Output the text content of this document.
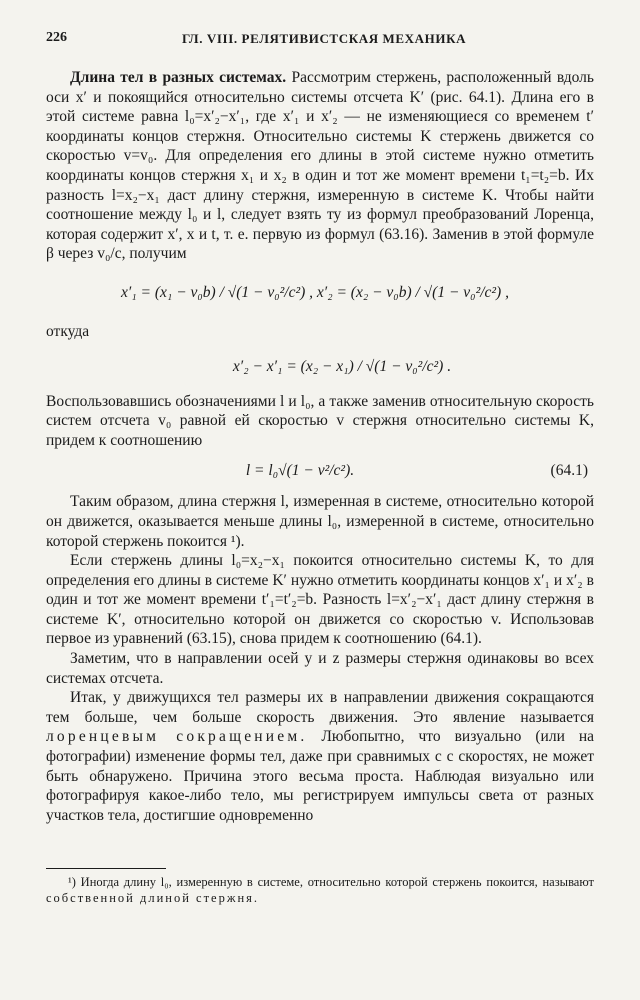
226	ГЛ. VIII. РЕЛЯТИВИСТСКАЯ МЕХАНИКА

Длина тел в разных системах. Рассмотрим стержень, расположенный вдоль оси x′ и покоящийся относительно системы отсчета K′ (рис. 64.1). Длина его в этой системе равна l₀=x′₂−x′₁, где x′₁ и x′₂ — не изменяющиеся со временем t′ координаты концов стержня. Относительно системы K стержень движется со скоростью v=v₀. Для определения его длины в этой системе нужно отметить координаты концов стержня x₁ и x₂ в один и тот же момент времени t₁=t₂=b. Их разность l=x₂−x₁ даст длину стержня, измеренную в системе K. Чтобы найти соотношение между l₀ и l, следует взять ту из формул преобразований Лоренца, которая содержит x′, x и t, т. е. первую из формул (63.16). Заменив в этой формуле β через v₀/c, получим

x′₁ = (x₁ − v₀b) / √(1 − v₀²/c²) , x′₂ = (x₂ − v₀b) / √(1 − v₀²/c²) ,

откуда

x′₂ − x′₁ = (x₂ − x₁) / √(1 − v₀²/c²) .

Воспользовавшись обозначениями l и l₀, а также заменив относительную скорость систем отсчета v₀ равной ей скоростью v стержня относительно системы K, придем к соотношению

l = l₀√(1 − v²/c²).	(64.1)

Таким образом, длина стержня l, измеренная в системе, относительно которой он движется, оказывается меньше длины l₀, измеренной в системе, относительно которой стержень покоится ¹).

Если стержень длины l₀=x₂−x₁ покоится относительно системы K, то для определения его длины в системе K′ нужно отметить координаты концов x′₁ и x′₂ в один и тот же момент времени t′₁=t′₂=b. Разность l=x′₂−x′₁ даст длину стержня в системе K′, относительно которой он движется со скоростью v. Использовав первое из уравнений (63.15), снова придем к соотношению (64.1).

Заметим, что в направлении осей y и z размеры стержня одинаковы во всех системах отсчета.

Итак, у движущихся тел размеры их в направлении движения сокращаются тем больше, чем больше скорость движения. Это явление называется лоренцевым сокращением. Любопытно, что визуально (или на фотографии) изменение формы тел, даже при сравнимых с c скоростях, не может быть обнаружено. Причина этого весьма проста. Наблюдая визуально или фотографируя какое-либо тело, мы регистрируем импульсы света от разных участков тела, достигшие одновременно

¹) Иногда длину l₀, измеренную в системе, относительно которой стержень покоится, называют собственной длиной стержня.
